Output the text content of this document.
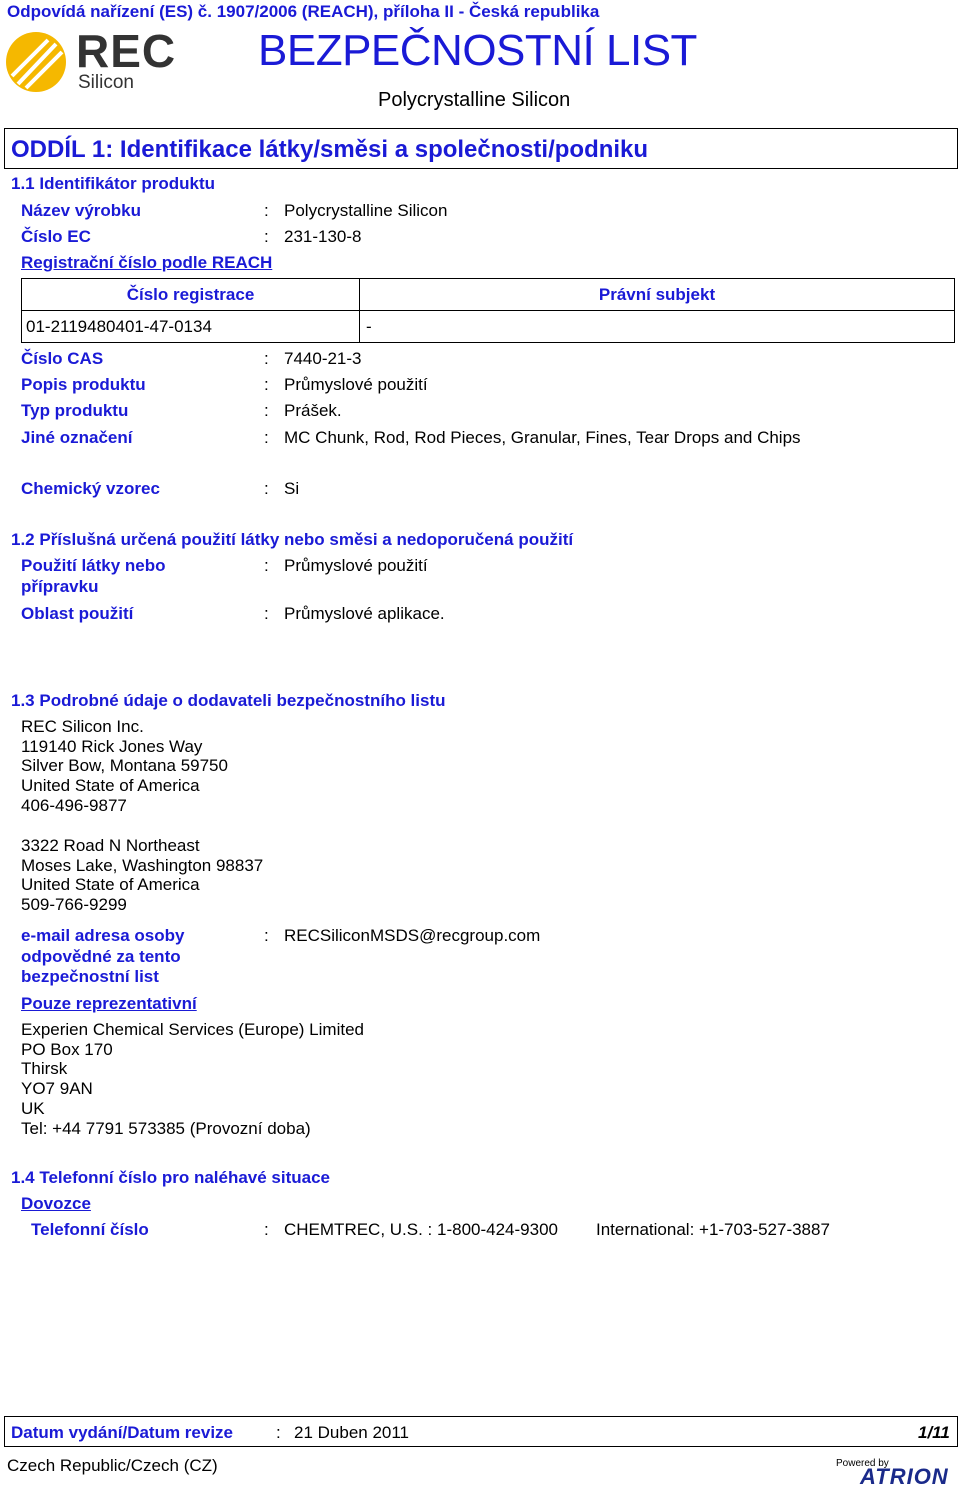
Odpovídá nařízení (ES) č. 1907/2006 (REACH), příloha II - Česká republika
REC
Silicon
BEZPEČNOSTNÍ LIST
Polycrystalline Silicon
ODDÍL 1: Identifikace látky/směsi a společnosti/podniku
1.1 Identifikátor produktu
Název výrobku	: Polycrystalline Silicon
Číslo EC	: 231-130-8
Registrační číslo podle REACH
Číslo registrace	Právní subjekt
01-2119480401-47-0134	-
Číslo CAS	: 7440-21-3
Popis produktu	: Průmyslové použití
Typ produktu	: Prášek.
Jiné označení	: MC Chunk, Rod, Rod Pieces, Granular, Fines, Tear Drops and Chips
Chemický vzorec	: Si
1.2 Příslušná určená použití látky nebo směsi a nedoporučená použití
Použití látky nebo
přípravku
: Průmyslové použití
Oblast použití	: Průmyslové aplikace.
1.3 Podrobné údaje o dodavateli bezpečnostního listu
REC Silicon Inc.
119140 Rick Jones Way
Silver Bow, Montana 59750
United State of America
406-496-9877
3322 Road N Northeast
Moses Lake, Washington 98837
United State of America
509-766-9299
e-mail adresa osoby
odpovědné za tento
bezpečnostní list
: RECSiliconMSDS@recgroup.com
Pouze reprezentativní
Experien Chemical Services (Europe) Limited
PO Box 170
Thirsk
YO7 9AN
UK
Tel: +44 7791 573385 (Provozní doba)
1.4 Telefonní číslo pro naléhavé situace
Dovozce
Telefonní číslo	: CHEMTREC, U.S. : 1-800-424-9300 International: +1-703-527-3887
Datum vydání/Datum revize	: 21 Duben 2011	1/11
Czech Republic/Czech (CZ)	Powered by
ATRION
